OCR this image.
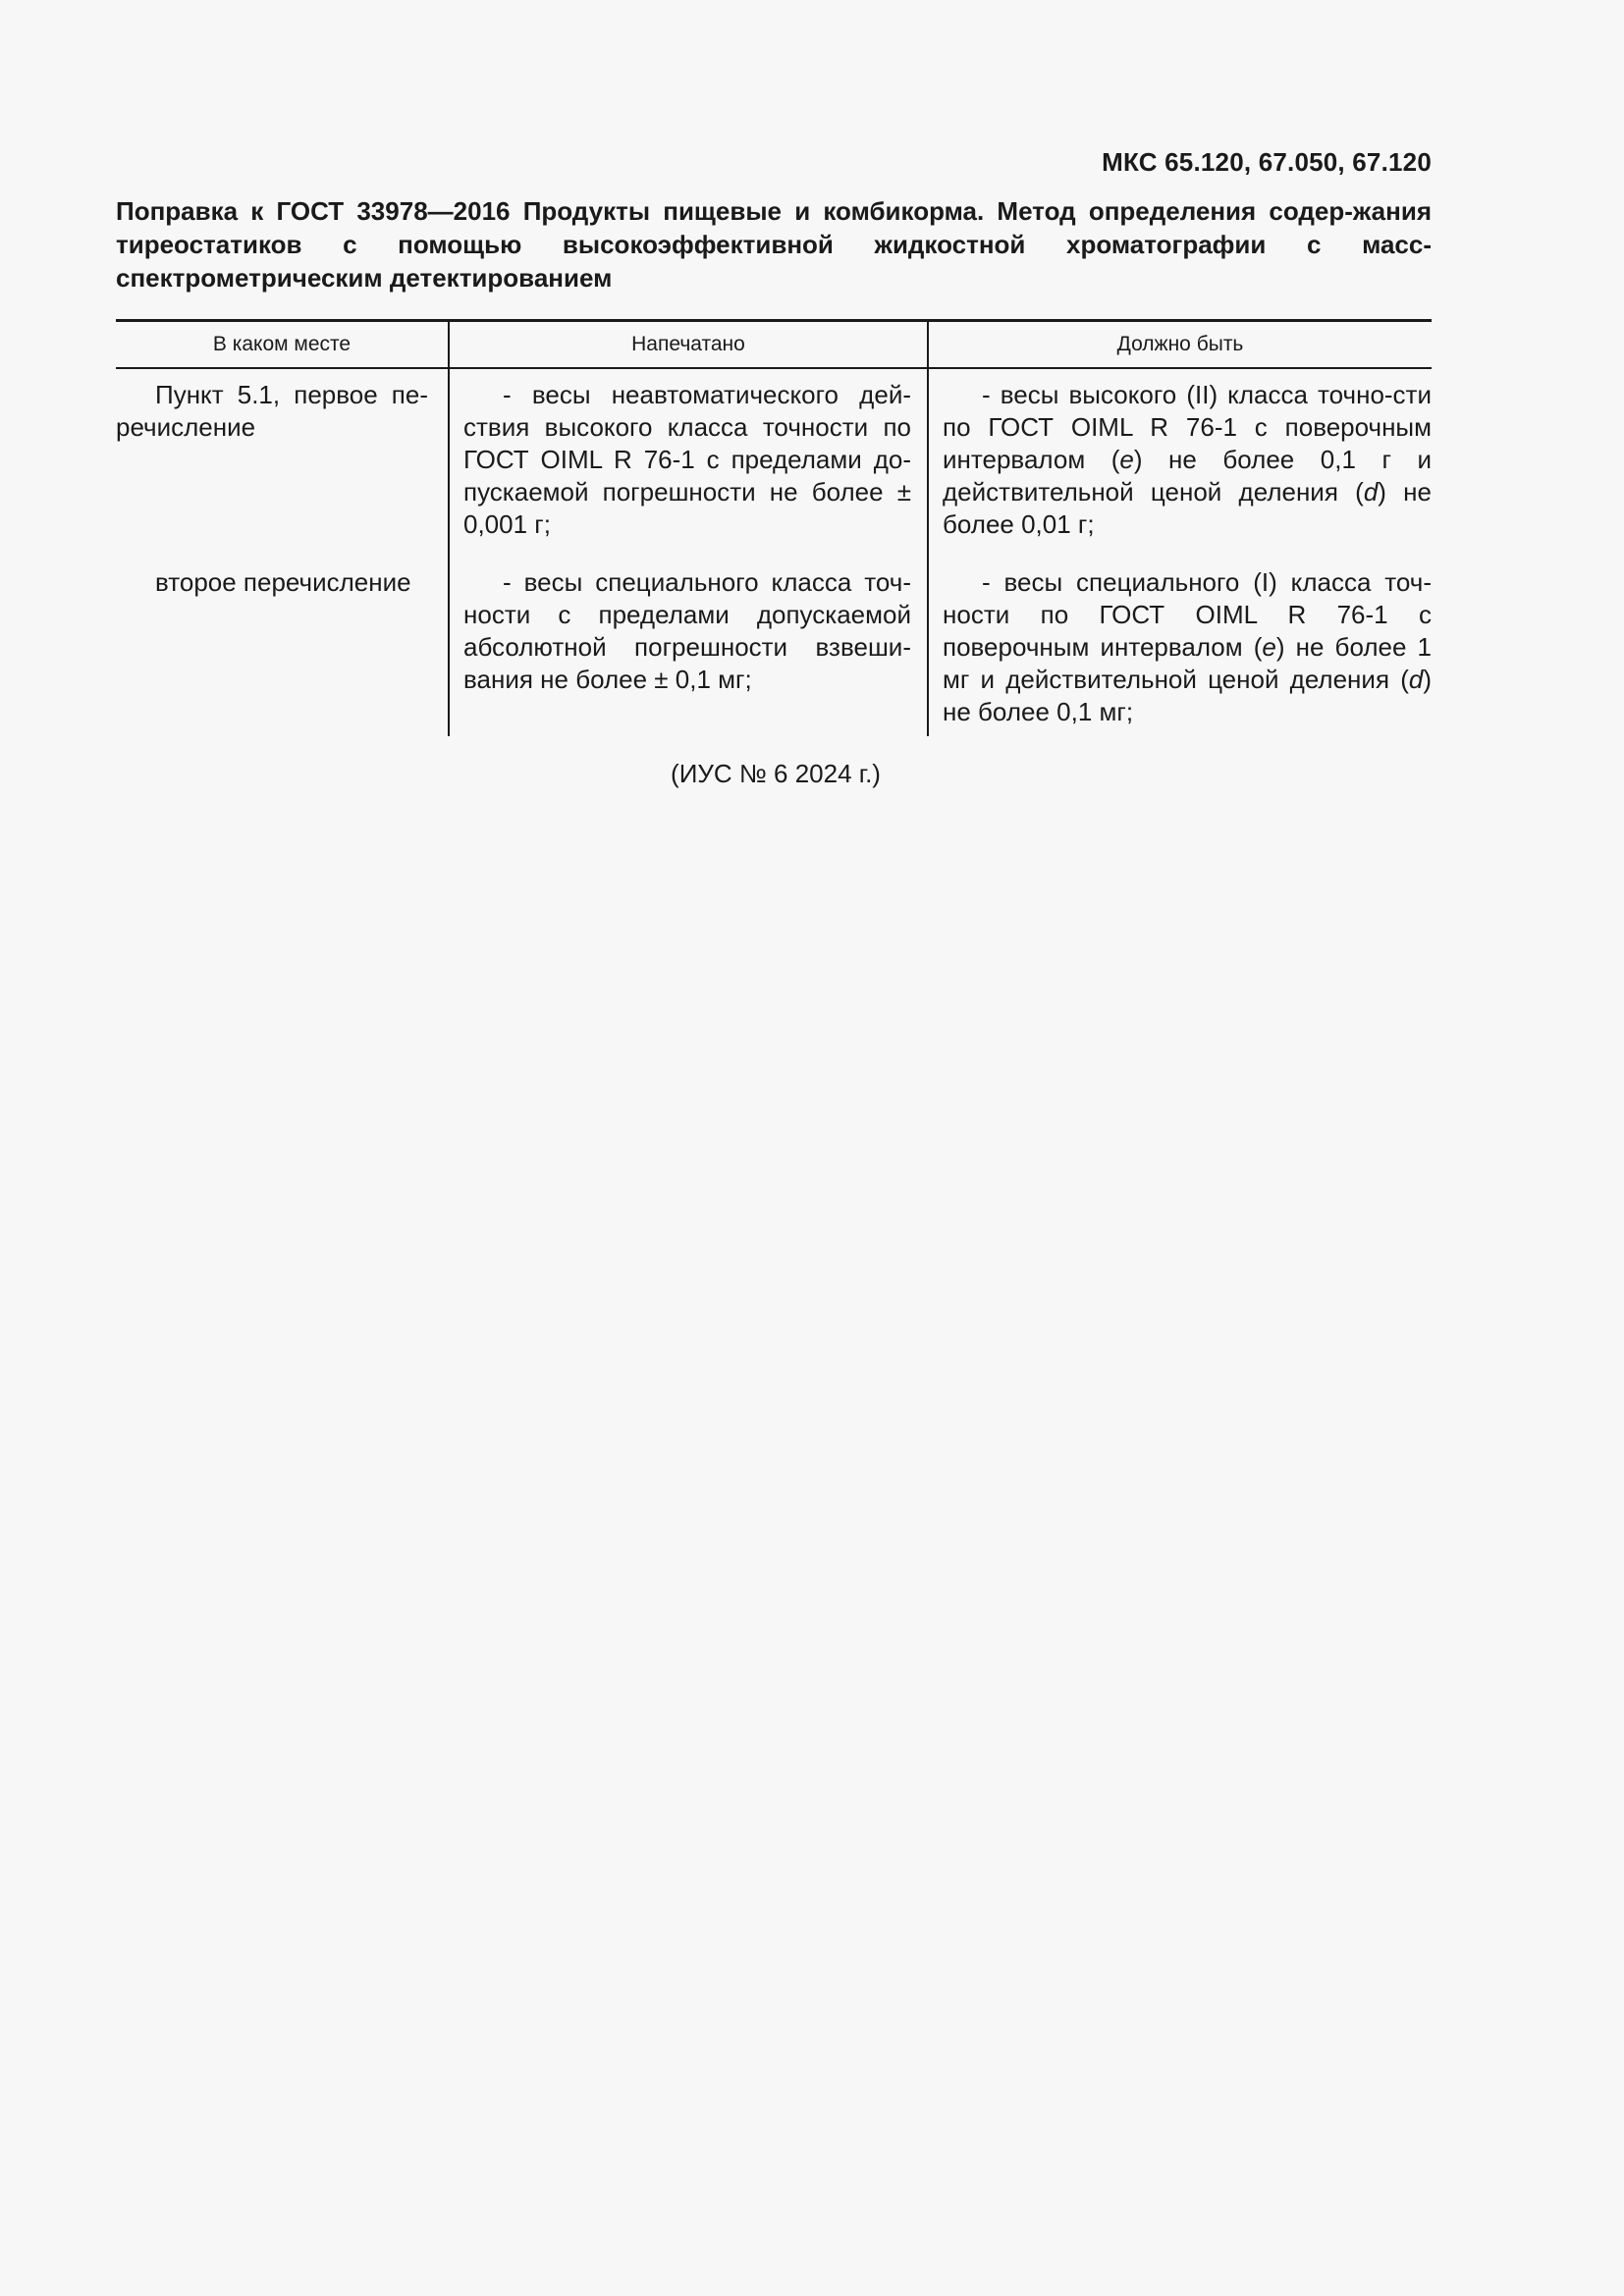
МКС 65.120, 67.050, 67.120
Поправка к ГОСТ 33978—2016 Продукты пищевые и комбикорма. Метод определения содер-жания тиреостатиков с помощью высокоэффективной жидкостной хроматографии с масс-спектрометрическим детектированием
В каком месте	Напечатано	Должно быть
Пункт 5.1, первое пе-речисление	- весы неавтоматического дей-ствия высокого класса точности по ГОСТ OIML R 76-1 с пределами до-пускаемой погрешности не более ± 0,001 г;	- весы высокого (II) класса точно-сти по ГОСТ OIML R 76-1 с поверочным интервалом (e) не более 0,1 г и действительной ценой деления (d) не более 0,01 г;
второе перечисление	- весы специального класса точ-ности с пределами допускаемой абсолютной погрешности взвеши-вания не более ± 0,1 мг;	- весы специального (I) класса точ-ности по ГОСТ OIML R 76-1 с поверочным интервалом (e) не более 1 мг и действительной ценой деления (d) не более 0,1 мг;
(ИУС № 6 2024 г.)
